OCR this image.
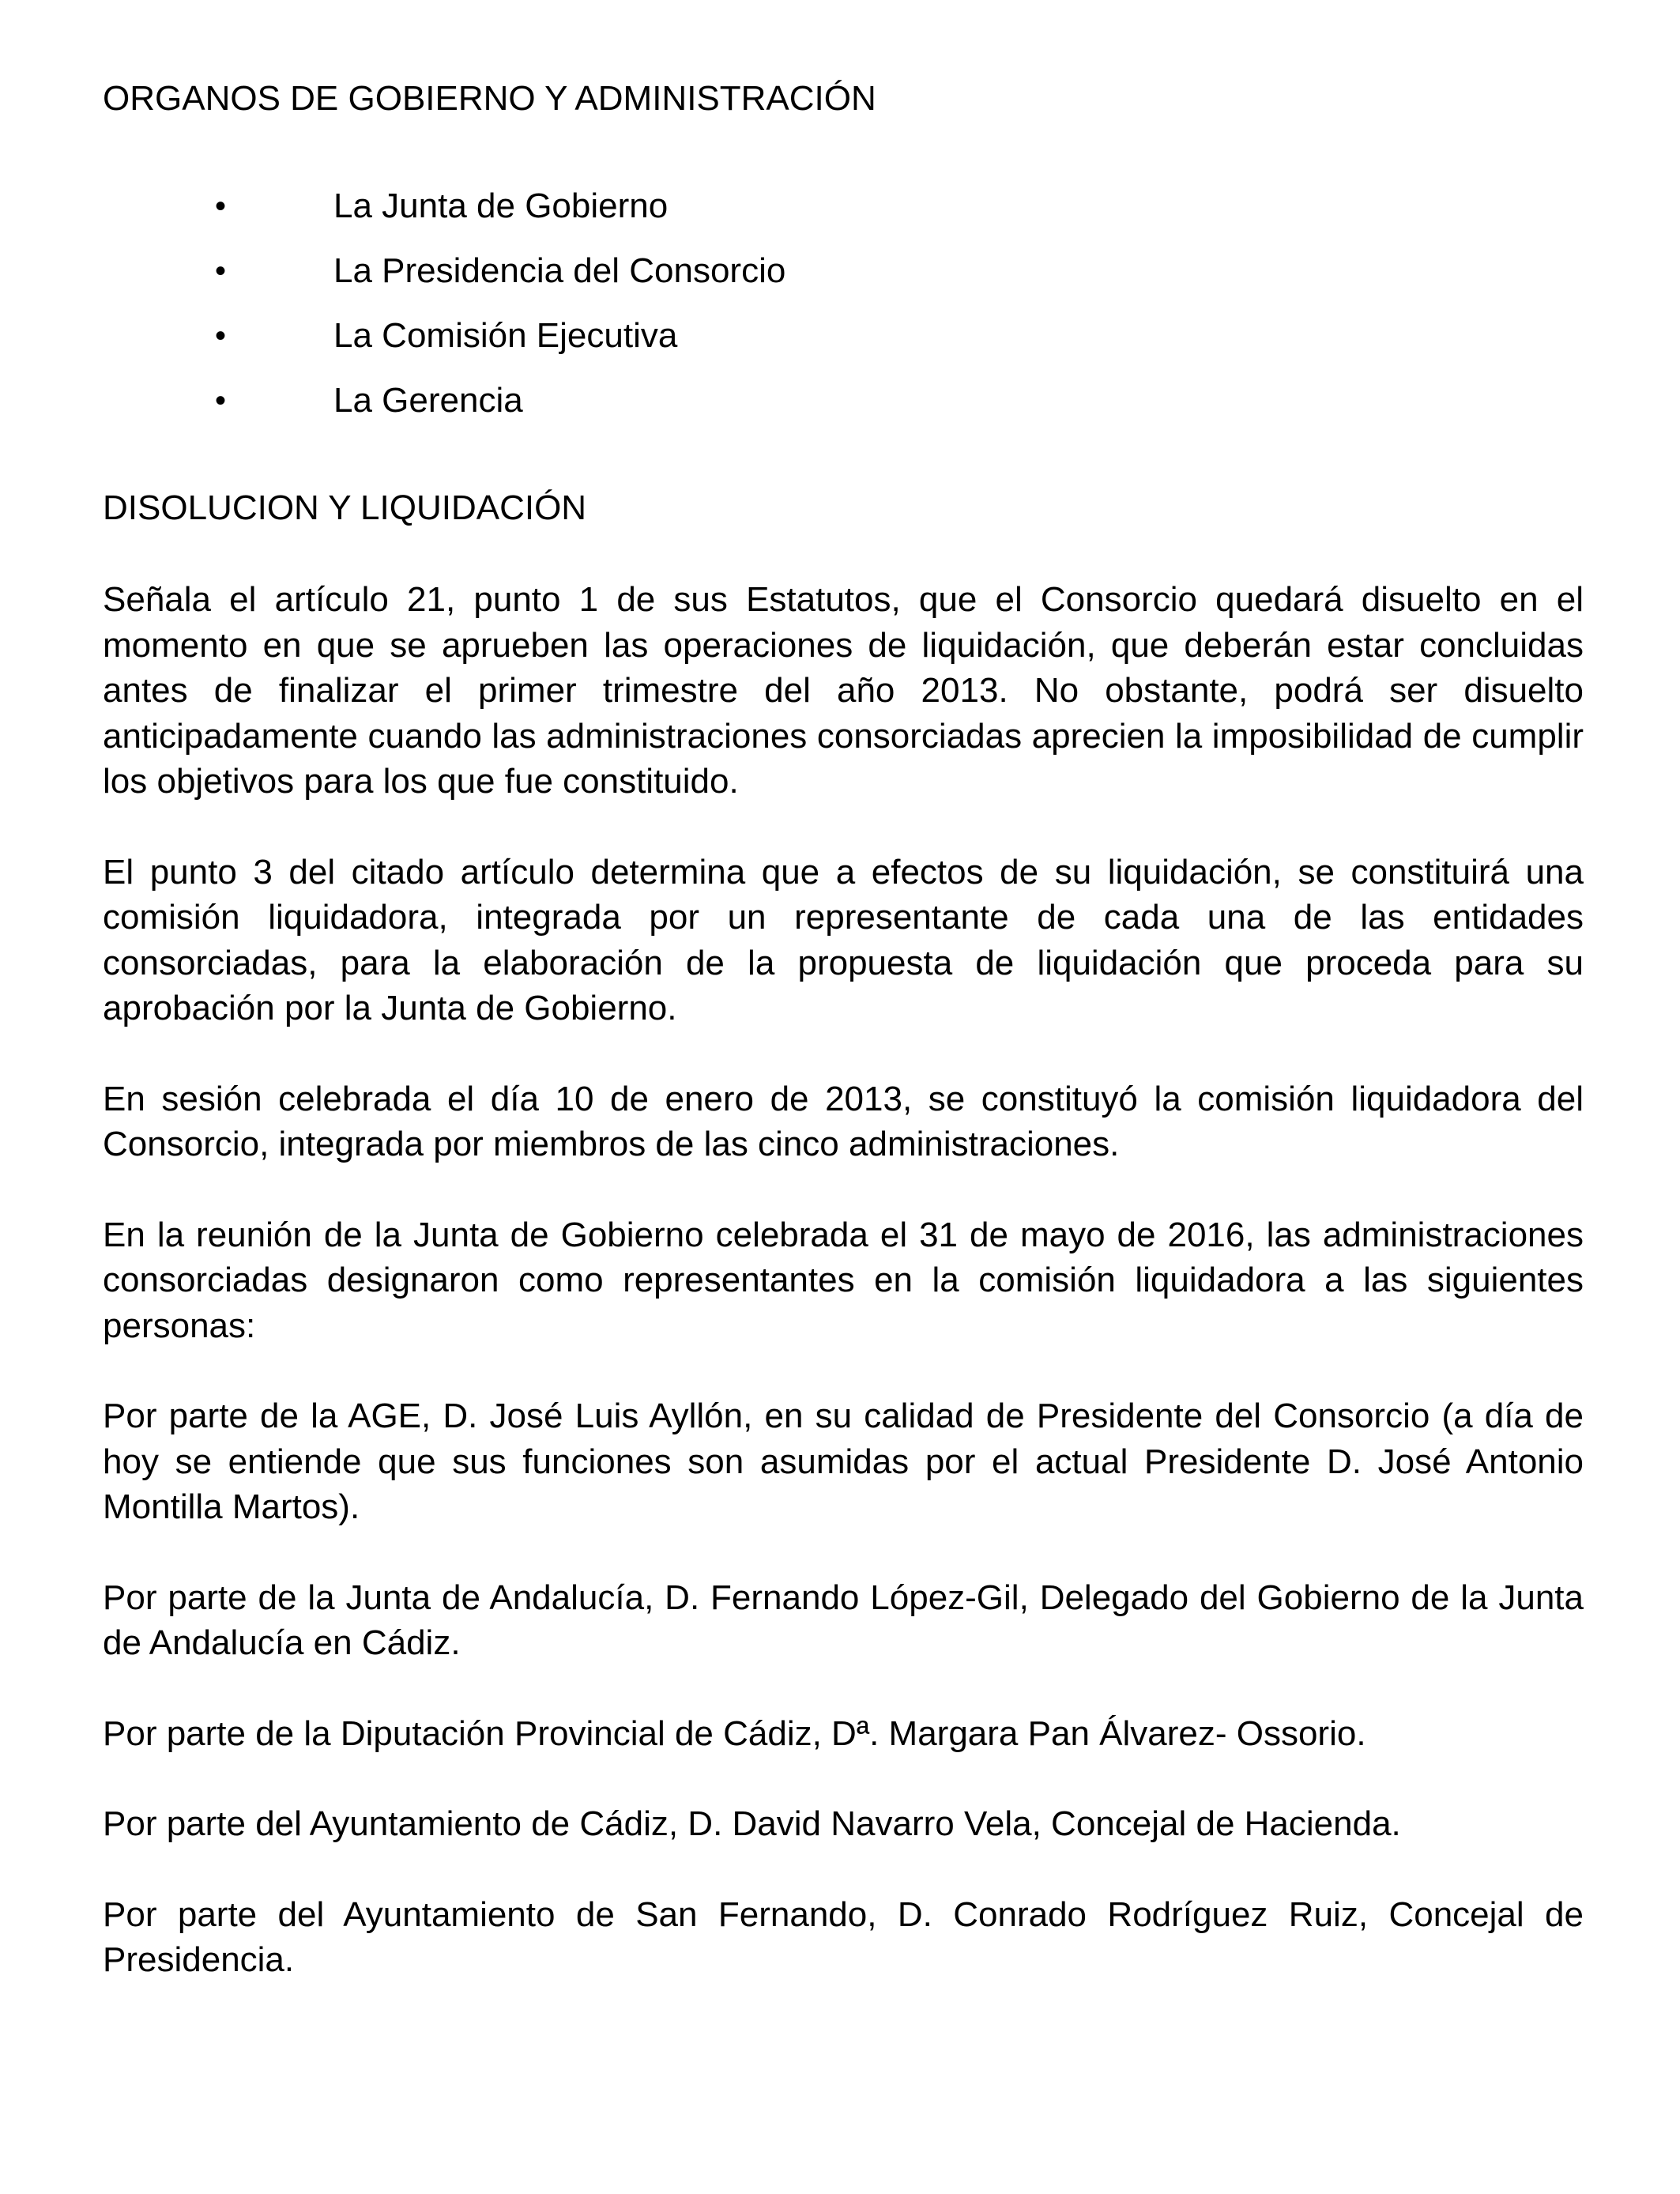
ORGANOS DE GOBIERNO Y ADMINISTRACIÓN
•	La Junta de Gobierno
•	La Presidencia del Consorcio
•	La Comisión Ejecutiva
•	La Gerencia
DISOLUCION Y LIQUIDACIÓN

Señala el artículo 21, punto 1 de sus Estatutos, que el Consorcio quedará disuelto en el momento en que se aprueben las operaciones de liquidación, que deberán estar concluidas antes de finalizar el primer trimestre del año 2013. No obstante, podrá ser disuelto anticipadamente cuando las administraciones consorciadas aprecien la imposibilidad de cumplir los objetivos para los que fue constituido.

El punto 3 del citado artículo determina que a efectos de su liquidación, se constituirá una comisión liquidadora, integrada por un representante de cada una de las entidades consorciadas, para la elaboración de la propuesta de liquidación que proceda para su aprobación por la Junta de Gobierno.

En sesión celebrada el día 10 de enero de 2013, se constituyó la comisión liquidadora del Consorcio, integrada por miembros de las cinco administraciones.

En la reunión de la Junta de Gobierno celebrada el 31 de mayo de 2016, las administraciones consorciadas designaron como representantes en la comisión liquidadora a las siguientes personas:

Por parte de la AGE, D. José Luis Ayllón, en su calidad de Presidente del Consorcio (a día de hoy se entiende que sus funciones son asumidas por el actual Presidente D. José Antonio Montilla Martos).

Por parte de la Junta de Andalucía, D. Fernando López-Gil, Delegado del Gobierno de la Junta de Andalucía en Cádiz.

Por parte de la Diputación Provincial de Cádiz, Dª. Margara Pan Álvarez- Ossorio.

Por parte del Ayuntamiento de Cádiz, D. David Navarro Vela, Concejal de Hacienda.

Por parte del Ayuntamiento de San Fernando, D. Conrado Rodríguez Ruiz, Concejal de Presidencia.
